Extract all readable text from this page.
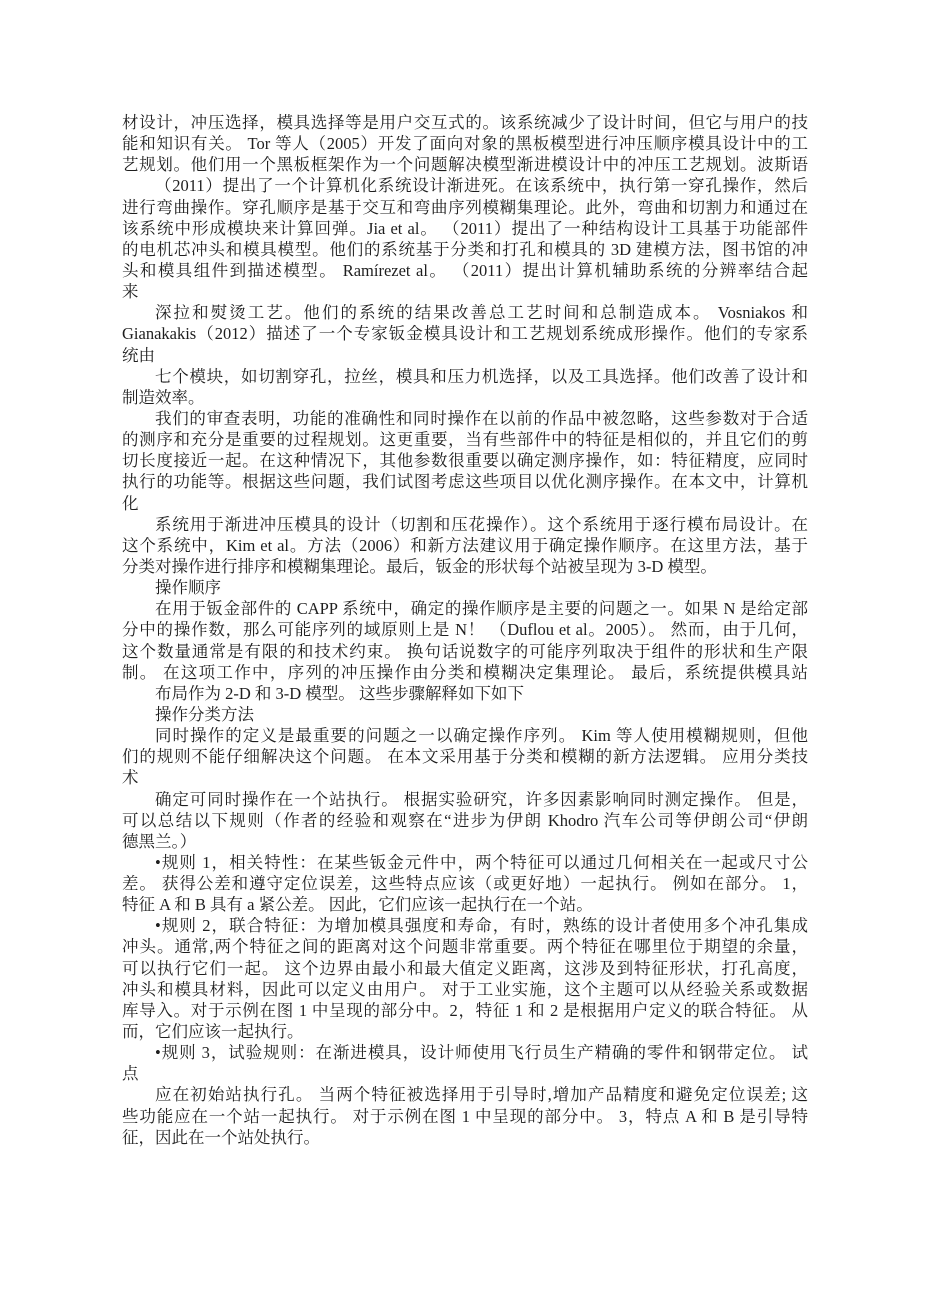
材设计，冲压选择，模具选择等是用户交互式的。该系统减少了设计时间，但它与用户的技
能和知识有关。 Tor 等人（2005）开发了面向对象的黑板模型进行冲压顺序模具设计中的工
艺规划。他们用一个黑板框架作为一个问题解决模型渐进模设计中的冲压工艺规划。波斯语
（2011）提出了一个计算机化系统设计渐进死。在该系统中，执行第一穿孔操作，然后
进行弯曲操作。穿孔顺序是基于交互和弯曲序列模糊集理论。此外，弯曲和切割力和通过在
该系统中形成模块来计算回弹。Jia et al。 （2011）提出了一种结构设计工具基于功能部件
的电机芯冲头和模具模型。他们的系统基于分类和打孔和模具的 3D 建模方法，图书馆的冲
头和模具组件到描述模型。 Ramírezet al。 （2011）提出计算机辅助系统的分辨率结合起
来
深拉和熨烫工艺。他们的系统的结果改善总工艺时间和总制造成本。 Vosniakos 和
Gianakakis（2012）描述了一个专家钣金模具设计和工艺规划系统成形操作。他们的专家系
统由
七个模块，如切割穿孔，拉丝，模具和压力机选择，以及工具选择。他们改善了设计和
制造效率。
我们的审查表明，功能的准确性和同时操作在以前的作品中被忽略，这些参数对于合适
的测序和充分是重要的过程规划。这更重要，当有些部件中的特征是相似的，并且它们的剪
切长度接近一起。在这种情况下，其他参数很重要以确定测序操作，如：特征精度，应同时
执行的功能等。根据这些问题，我们试图考虑这些项目以优化测序操作。在本文中，计算机
化
系统用于渐进冲压模具的设计（切割和压花操作）。这个系统用于逐行模布局设计。在
这个系统中，Kim et al。方法（2006）和新方法建议用于确定操作顺序。在这里方法，基于
分类对操作进行排序和模糊集理论。最后，钣金的形状每个站被呈现为 3-D 模型。
操作顺序
在用于钣金部件的 CAPP 系统中，确定的操作顺序是主要的问题之一。如果 N 是给定部
分中的操作数，那么可能序列的域原则上是 N！ （Duflou et al。2005）。 然而，由于几何，
这个数量通常是有限的和技术约束。 换句话说数字的可能序列取决于组件的形状和生产限
制。 在这项工作中，序列的冲压操作由分类和模糊决定集理论。 最后，系统提供模具站
布局作为 2-D 和 3-D 模型。 这些步骤解释如下如下
操作分类方法
同时操作的定义是最重要的问题之一以确定操作序列。 Kim 等人使用模糊规则，但他
们的规则不能仔细解决这个问题。 在本文采用基于分类和模糊的新方法逻辑。 应用分类技
术
确定可同时操作在一个站执行。 根据实验研究，许多因素影响同时测定操作。 但是，
可以总结以下规则（作者的经验和观察在“进步为伊朗 Khodro 汽车公司等伊朗公司“伊朗
德黑兰。）
•规则 1，相关特性：在某些钣金元件中，两个特征可以通过几何相关在一起或尺寸公
差。 获得公差和遵守定位误差，这些特点应该（或更好地）一起执行。 例如在部分。 1，
特征 A 和 B 具有 a 紧公差。 因此，它们应该一起执行在一个站。
•规则 2，联合特征：为增加模具强度和寿命，有时，熟练的设计者使用多个冲孔集成
冲头。通常,两个特征之间的距离对这个问题非常重要。两个特征在哪里位于期望的余量，
可以执行它们一起。 这个边界由最小和最大值定义距离，这涉及到特征形状，打孔高度，
冲头和模具材料，因此可以定义由用户。 对于工业实施，这个主题可以从经验关系或数据
库导入。对于示例在图 1 中呈现的部分中。2，特征 1 和 2 是根据用户定义的联合特征。 从
而，它们应该一起执行。
•规则 3，试验规则：在渐进模具，设计师使用飞行员生产精确的零件和钢带定位。 试
点
应在初始站执行孔。 当两个特征被选择用于引导时,增加产品精度和避免定位误差; 这
些功能应在一个站一起执行。 对于示例在图 1 中呈现的部分中。 3，特点 A 和 B 是引导特
征，因此在一个站处执行。
